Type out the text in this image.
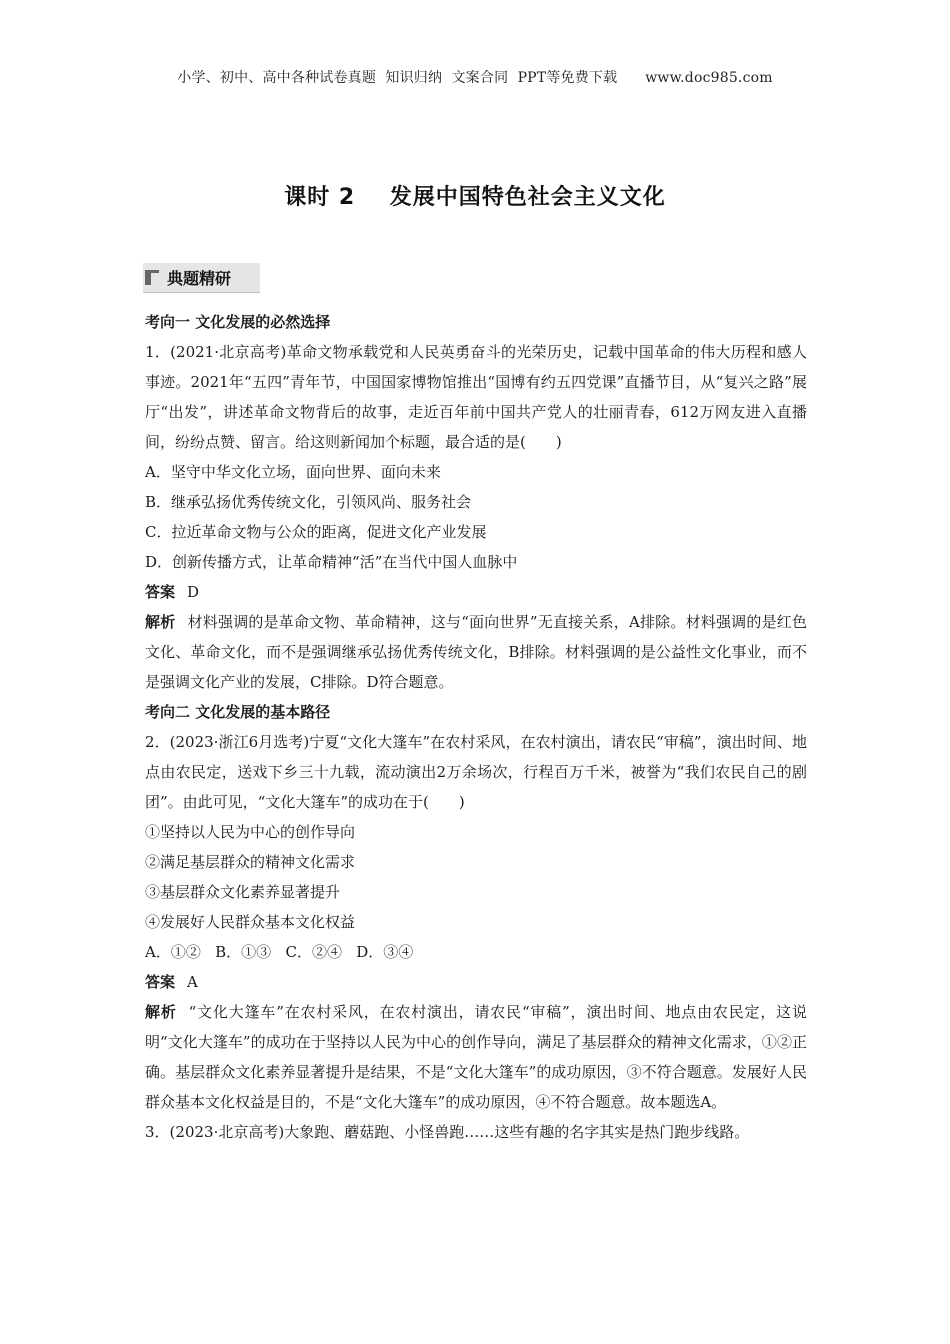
小学、初中、高中各种试卷真题  知识归纳  文案合同  PPT等免费下载      www.doc985.com
课时 2    发展中国特色社会主义文化
典题精研

考向一 文化发展的必然选择

1．(2021·北京高考)革命文物承载党和人民英勇奋斗的光荣历史，记载中国革命的伟大历程和感人事迹。2021年“五四”青年节，中国国家博物馆推出“国博有约五四党课”直播节目，从“复兴之路”展厅“出发”，讲述革命文物背后的故事，走近百年前中国共产党人的壮丽青春，612万网友进入直播间，纷纷点赞、留言。给这则新闻加个标题，最合适的是(　　)

A．坚守中华文化立场，面向世界、面向未来

B．继承弘扬优秀传统文化，引领风尚、服务社会

C．拉近革命文物与公众的距离，促进文化产业发展

D．创新传播方式，让革命精神“活”在当代中国人血脉中

答案 D

解析 材料强调的是革命文物、革命精神，这与“面向世界”无直接关系，A排除。材料强调的是红色文化、革命文化，而不是强调继承弘扬优秀传统文化，B排除。材料强调的是公益性文化事业，而不是强调文化产业的发展，C排除。D符合题意。

考向二 文化发展的基本路径

2．(2023·浙江6月选考)宁夏“文化大篷车”在农村采风，在农村演出，请农民“审稿”，演出时间、地点由农民定，送戏下乡三十九载，流动演出2万余场次，行程百万千米，被誉为“我们农民自己的剧团”。由此可见，“文化大篷车”的成功在于(　　)

①坚持以人民为中心的创作导向

②满足基层群众的精神文化需求

③基层群众文化素养显著提升

④发展好人民群众基本文化权益

A．①②   B．①③   C．②④   D．③④

答案 A

解析 “文化大篷车”在农村采风，在农村演出，请农民“审稿”，演出时间、地点由农民定，这说明“文化大篷车”的成功在于坚持以人民为中心的创作导向，满足了基层群众的精神文化需求，①②正确。基层群众文化素养显著提升是结果，不是“文化大篷车”的成功原因，③不符合题意。发展好人民群众基本文化权益是目的，不是“文化大篷车”的成功原因，④不符合题意。故本题选A。

3．(2023·北京高考)大象跑、蘑菇跑、小怪兽跑……这些有趣的名字其实是热门跑步线路。
